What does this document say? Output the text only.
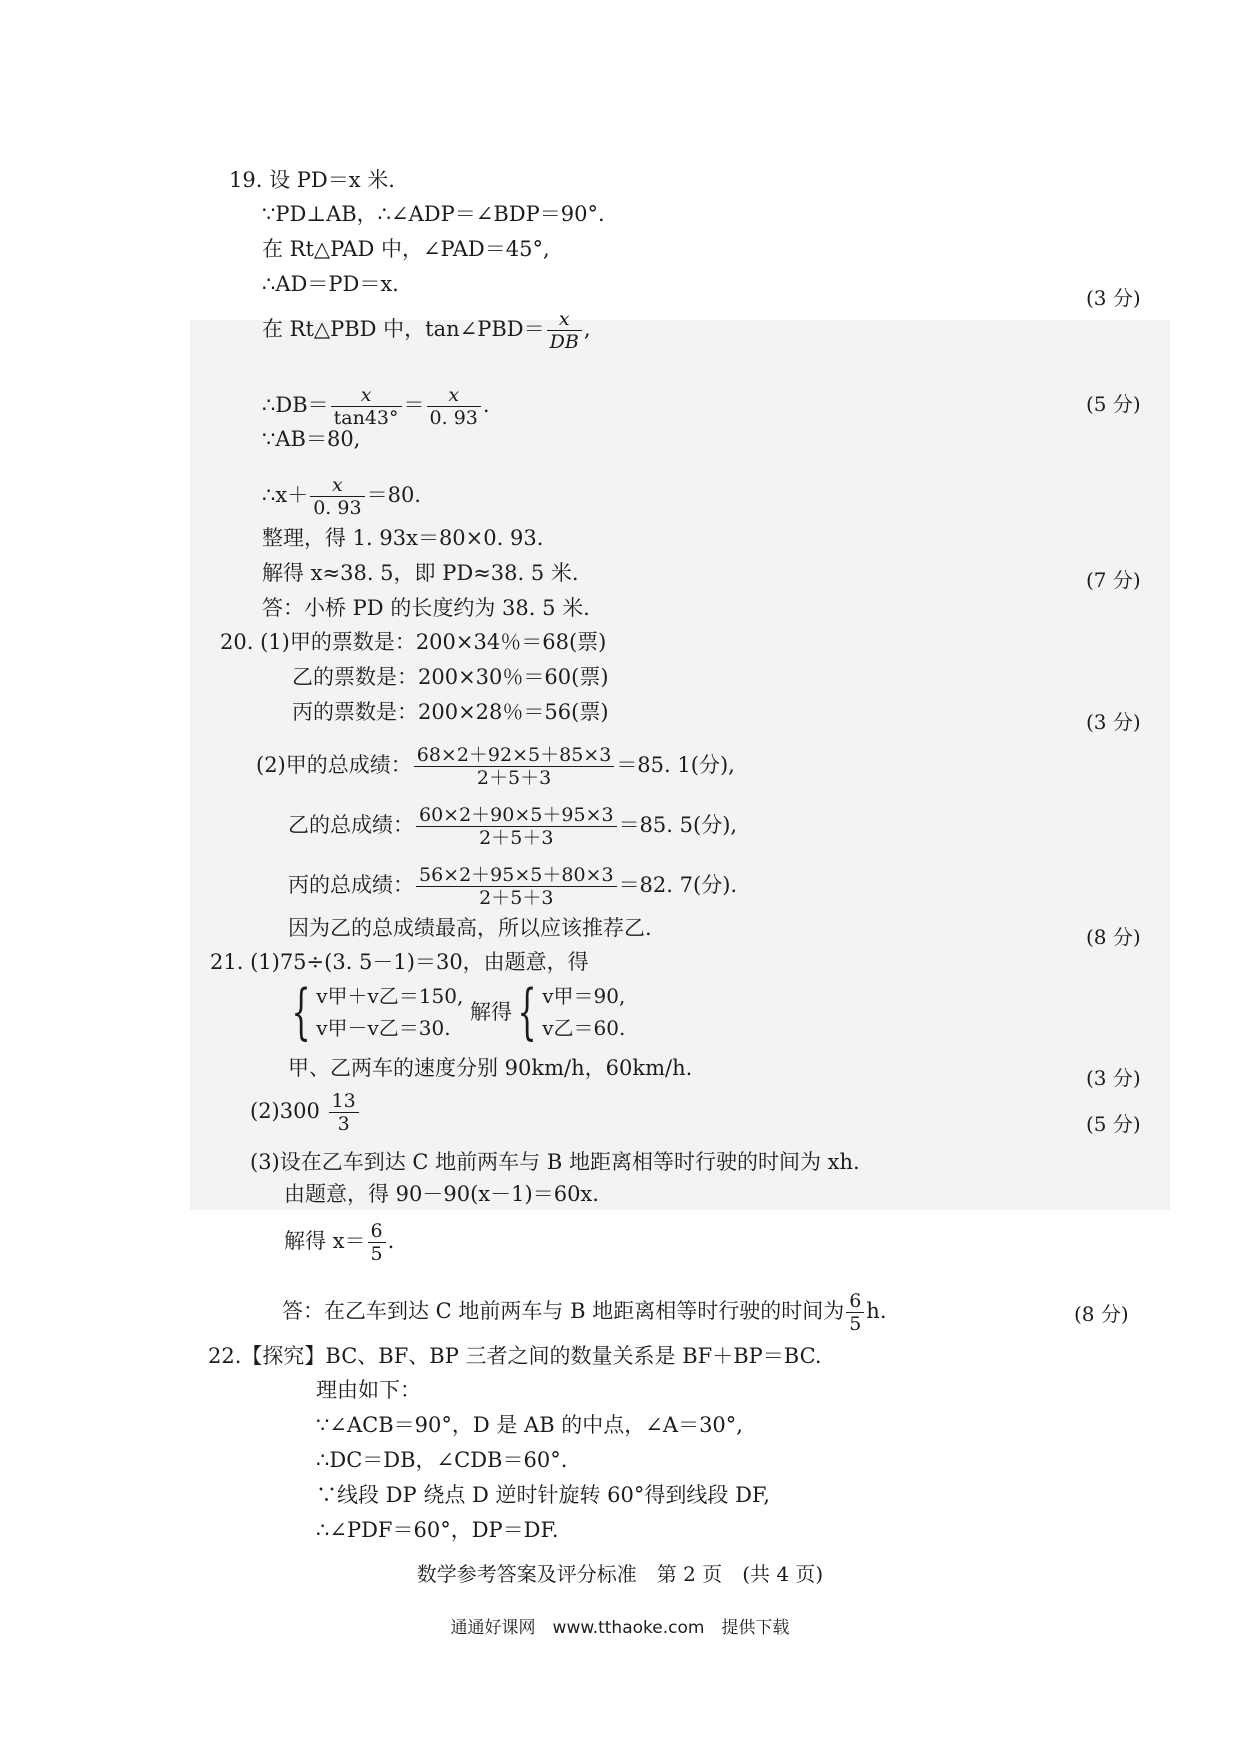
19. 设 PD＝x 米.
∵PD⊥AB，∴∠ADP＝∠BDP＝90°.
在 Rt△PAD 中，∠PAD＝45°,
∴AD＝PD＝x.
(3 分)
在 Rt△PBD 中，tan∠PBD＝ $\frac{x}{DB}$ ,
∴DB＝ $\frac{x}{\tan 43^\circ} = \frac{x}{0. 93}$ .	(5 分)
∵AB＝80,
∴x＋ $\frac{x}{0. 93} =80$.
整理，得 1. 93x＝80×0. 93.
解得 x≈38. 5，即 PD≈38. 5 米.	(7 分)
答：小桥 PD 的长度约为 38. 5 米.
20. (1)甲的票数是：200×34％＝68(票)
乙的票数是：200×30％＝60(票)
丙的票数是：200×28％＝56(票)	(3 分)
(2)甲的总成绩： $\frac{68\times 2+92\times 5+85\times 3}{2+5+3} =85$. 1(分),
乙的总成绩： $\frac{60\times 2+90\times 5+95\times 3}{2+5+3} =85$. 5(分),
丙的总成绩： $\frac{56\times 2+95\times 5+80\times 3}{2+5+3} =82$. 7(分).
因为乙的总成绩最高，所以应该推荐乙.	(8 分)
21. (1)75÷(3. 5－1)＝30，由题意，得
{ v甲＋v乙＝150,
v甲－v乙＝30.
解得{ v甲＝90,
v乙＝60.
甲、乙两车的速度分别 90km/h，60km/h.	(3 分)
$(2)300 \frac{13}{3}$	(5 分)
(3)设在乙车到达 C 地前两车与 B 地距离相等时行驶的时间为 xh.
由题意，得 90－90(x－1)＝60x.
解得 $x= \frac{6}{5}$ .
答：在乙车到达 C 地前两车与 B 地距离相等时行驶的时间为 $\frac{6}{5} h$.	(8 分)
22.【探究】BC、BF、BP 三者之间的数量关系是 BF＋BP＝BC.
理由如下：
∵∠ACB＝90°，D 是 AB 的中点，∠A＝30°,
∴DC＝DB，∠CDB＝60°.
∵线段 DP 绕点 D 逆时针旋转 60°得到线段 DF,
∴∠PDF＝60°，DP＝DF.
数学参考答案及评分标准　第 2 页　(共 4 页)
通通好课网　www.tthaoke.com　提供下载
